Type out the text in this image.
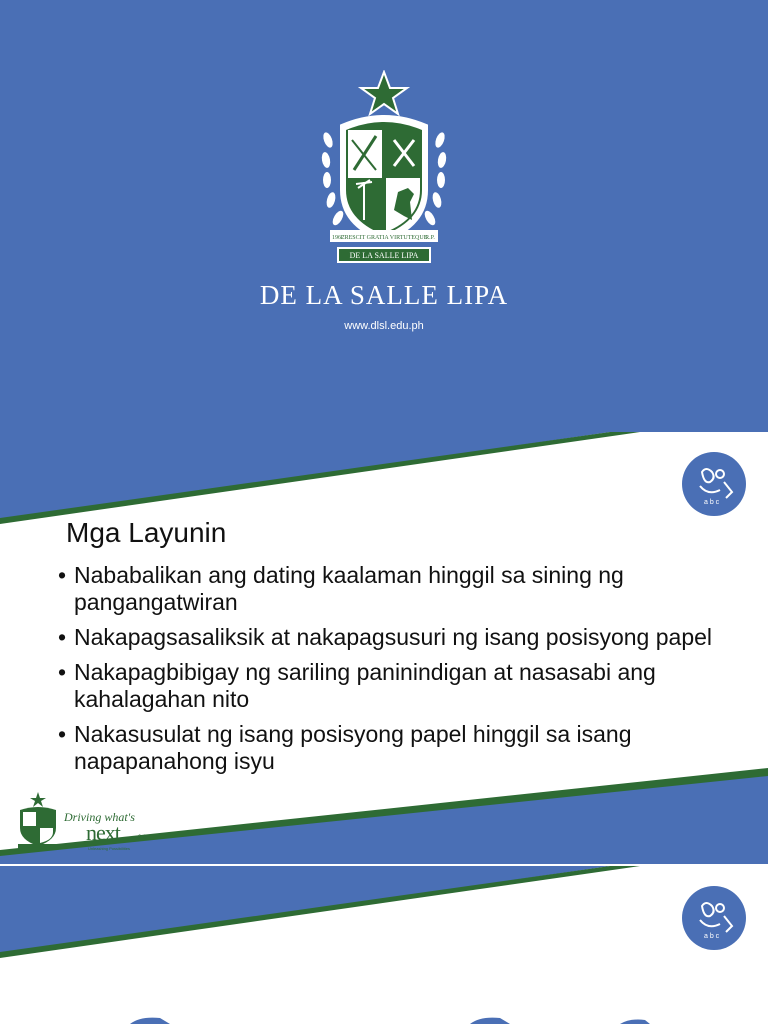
CRESCIT GRATIA VIRTUTEQUE
1962	R.P.
DE LA SALLE LIPA
DE LA SALLE LIPA
www.dlsl.edu.ph
a b c
Mga Layunin
• Nababalikan ang dating kaalaman hinggil sa sining ng pangangatwiran
• Nakapagsasaliksik at nakapagsusuri ng isang posisyong papel
• Nakapagbibigay ng sariling paninindigan at nasasabi ang kahalagahan nito
• Nakasusulat ng isang posisyong papel hinggil sa isang napapanahong isyu
Driving what's
next	2.0
Unleashing Possibilities
a b c
